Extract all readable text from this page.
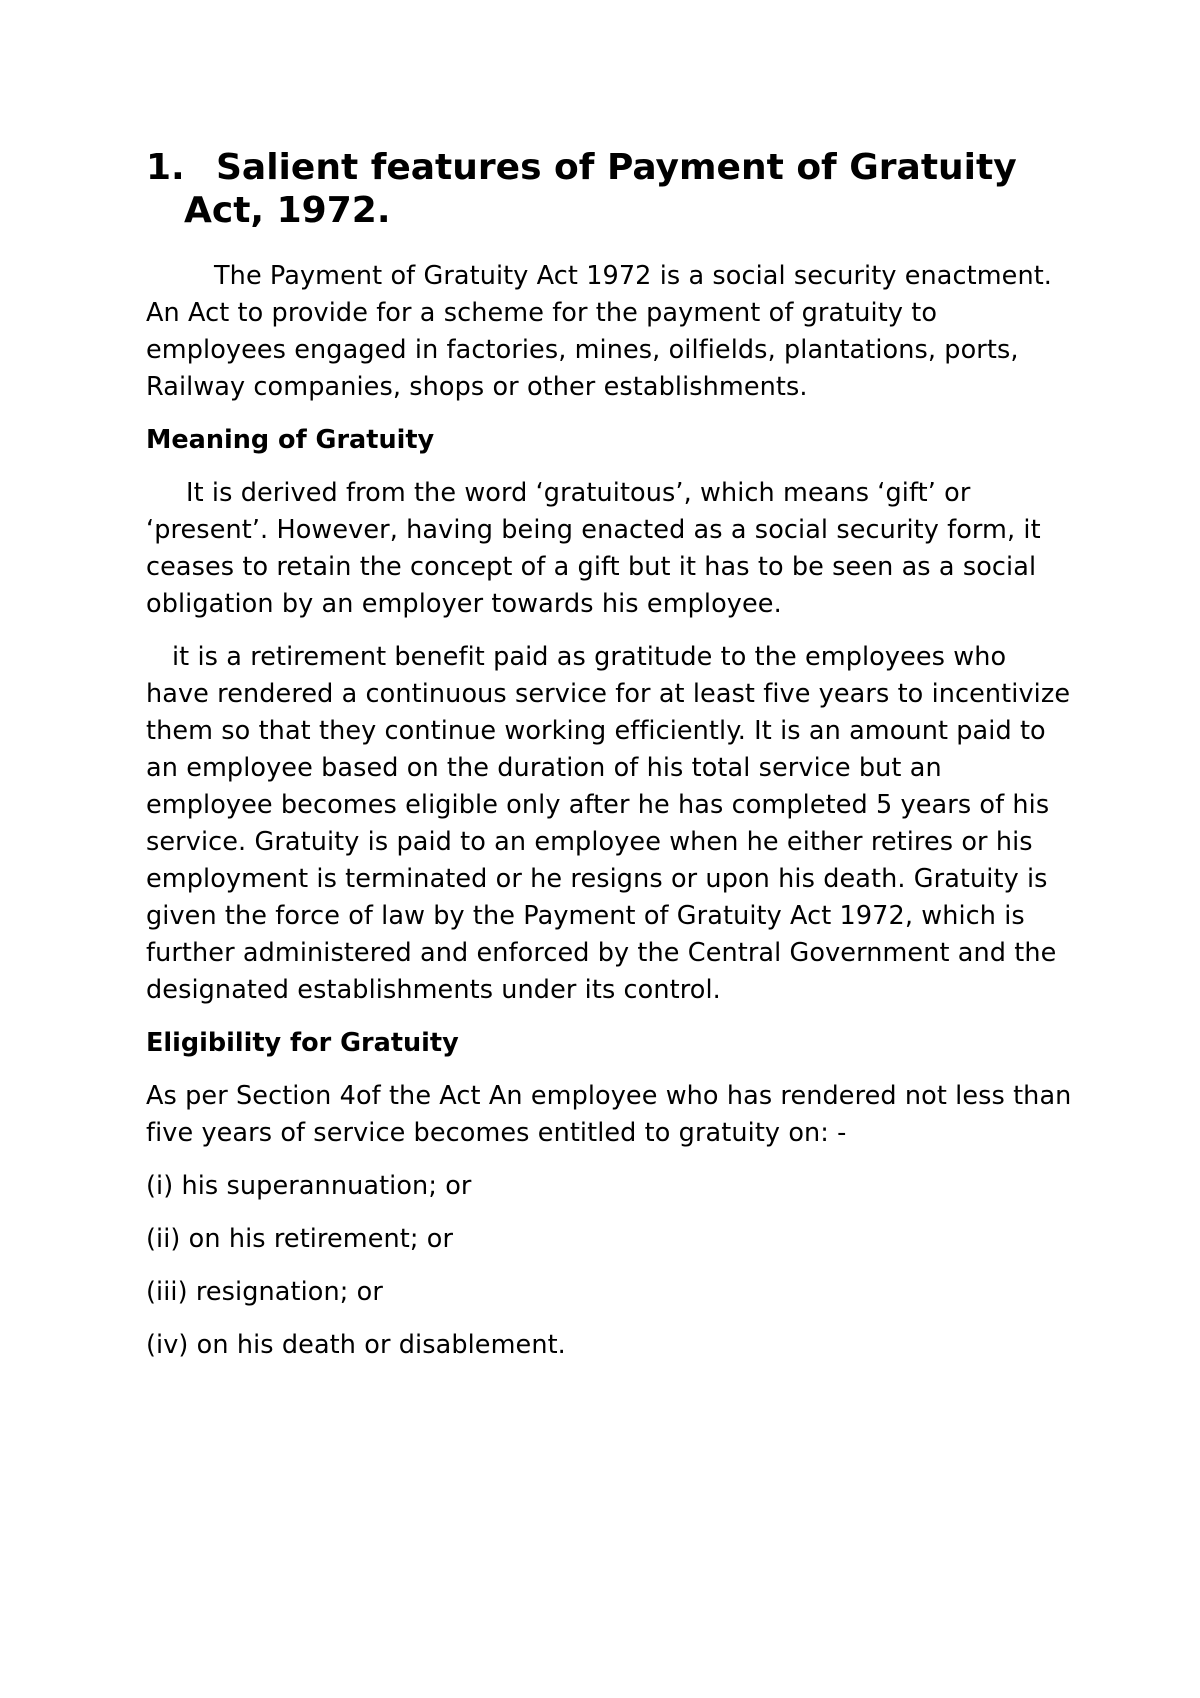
1. Salient features of Payment of Gratuity
Act, 1972.

The Payment of Gratuity Act 1972 is a social security enactment. An Act to provide for a scheme for the payment of gratuity to employees engaged in factories, mines, oilfields, plantations, ports, Railway companies, shops or other establishments.

Meaning of Gratuity

It is derived from the word ‘gratuitous’, which means ‘gift’ or ‘present’. However, having being enacted as a social security form, it ceases to retain the concept of a gift but it has to be seen as a social obligation by an employer towards his employee.

it is a retirement benefit paid as gratitude to the employees who have rendered a continuous service for at least five years to incentivize them so that they continue working efficiently. It is an amount paid to an employee based on the duration of his total service but an employee becomes eligible only after he has completed 5 years of his service. Gratuity is paid to an employee when he either retires or his employment is terminated or he resigns or upon his death. Gratuity is given the force of law by the Payment of Gratuity Act 1972, which is further administered and enforced by the Central Government and the designated establishments under its control.

Eligibility for Gratuity

As per Section 4of the Act An employee who has rendered not less than five years of service becomes entitled to gratuity on: -

(i) his superannuation; or

(ii) on his retirement; or

(iii) resignation; or

(iv) on his death or disablement.
